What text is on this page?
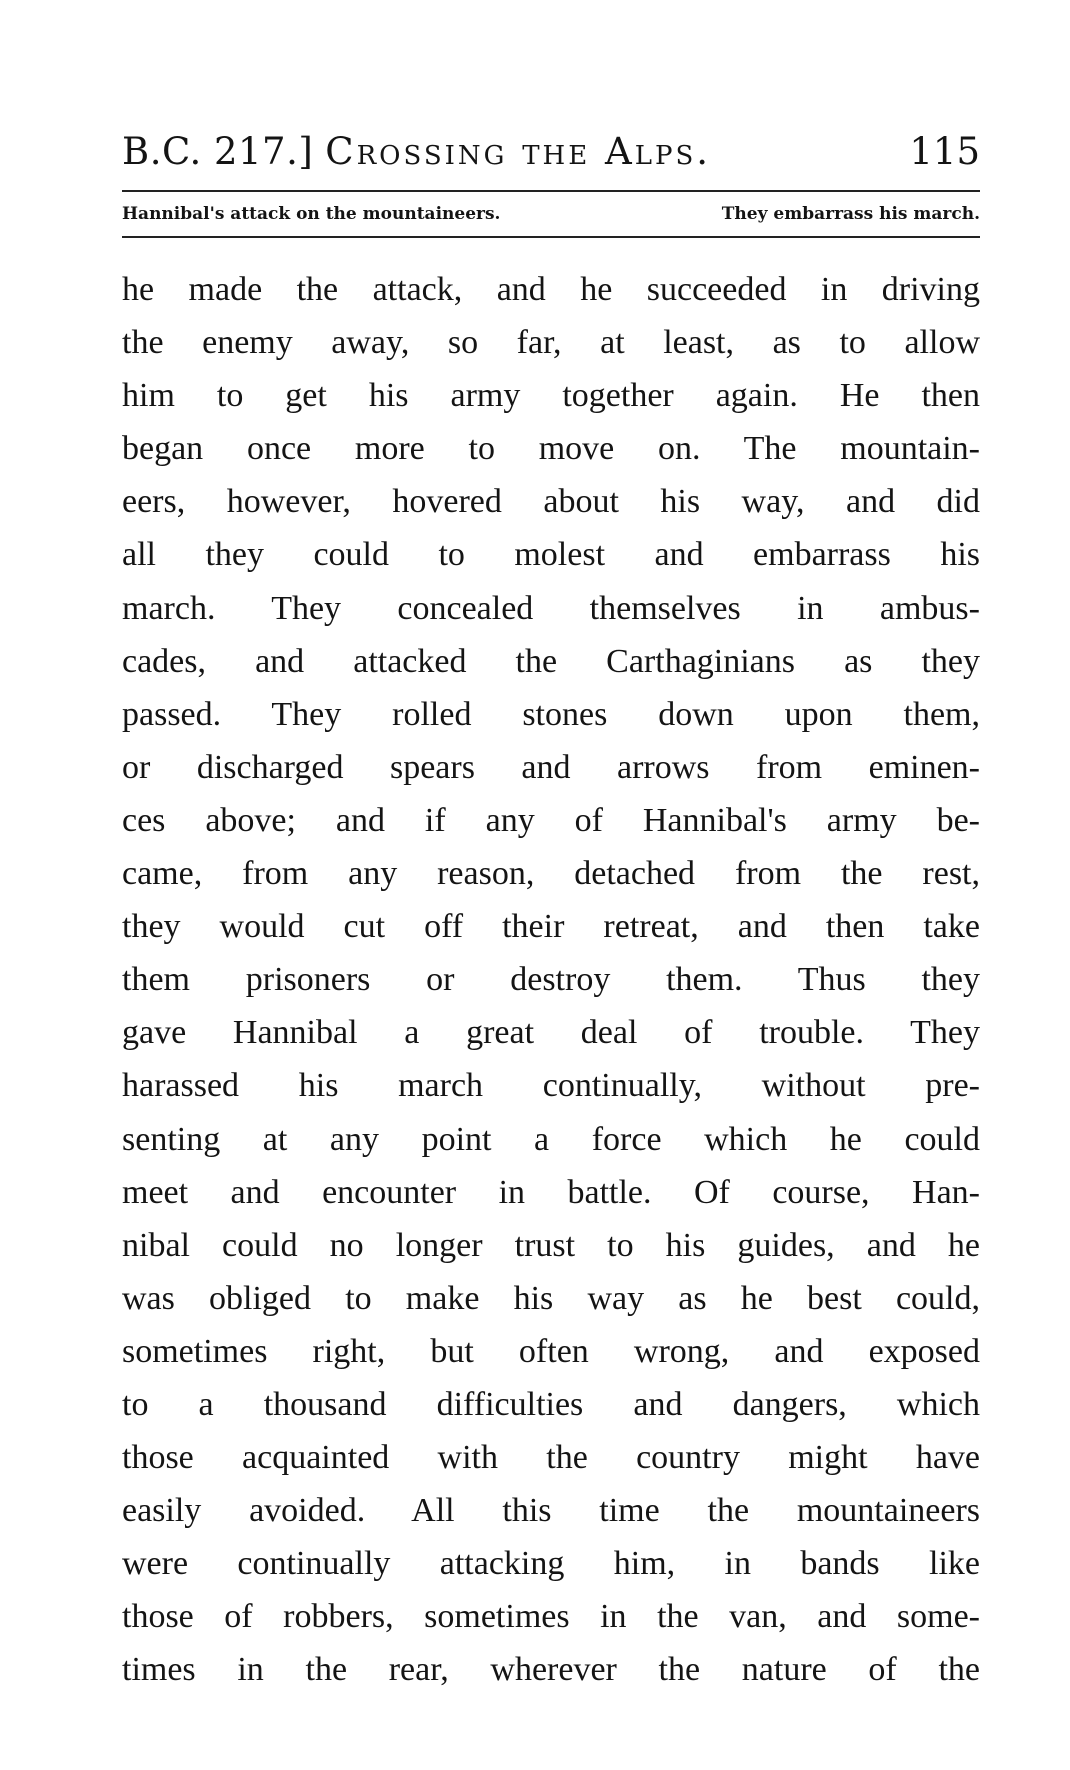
B.C. 217.] Crossing the Alps.	115
Hannibal's attack on the mountaineers.	They embarrass his march.
he made the attack, and he succeeded in driving
the enemy away, so far, at least, as to allow
him to get his army together again. He then
began once more to move on. The mountain-
eers, however, hovered about his way, and did
all they could to molest and embarrass his
march. They concealed themselves in ambus-
cades, and attacked the Carthaginians as they
passed. They rolled stones down upon them,
or discharged spears and arrows from eminen-
ces above; and if any of Hannibal's army be-
came, from any reason, detached from the rest,
they would cut off their retreat, and then take
them prisoners or destroy them. Thus they
gave Hannibal a great deal of trouble. They
harassed his march continually, without pre-
senting at any point a force which he could
meet and encounter in battle. Of course, Han-
nibal could no longer trust to his guides, and he
was obliged to make his way as he best could,
sometimes right, but often wrong, and exposed
to a thousand difficulties and dangers, which
those acquainted with the country might have
easily avoided. All this time the mountaineers
were continually attacking him, in bands like
those of robbers, sometimes in the van, and some-
times in the rear, wherever the nature of the
